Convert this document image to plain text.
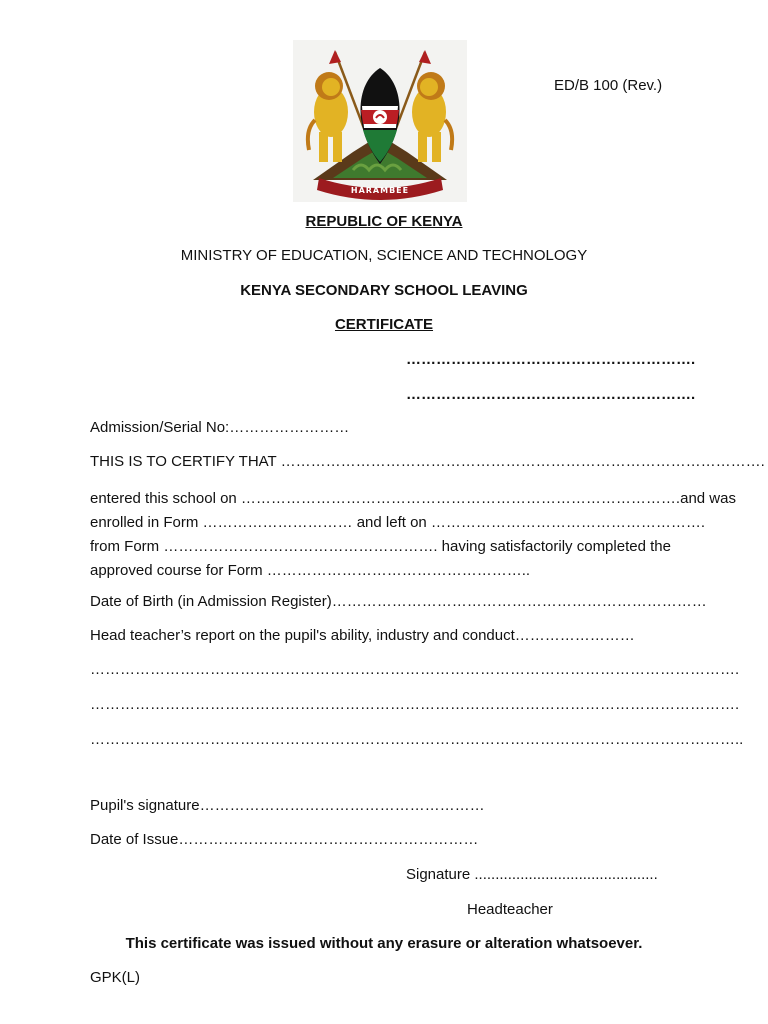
HARAMBEE
ED/B 100 (Rev.)
REPUBLIC OF KENYA
MINISTRY OF EDUCATION, SCIENCE AND TECHNOLOGY
KENYA SECONDARY SCHOOL LEAVING
CERTIFICATE
………………………………………………….
………………………………………………….
Admission/Serial No:……………………
THIS IS TO CERTIFY THAT …………………………………………………………………………………….
entered this school on ……………………………………………………………………………. and was
enrolled in Form ………………………… and left on ……………………………………………….
from Form ………………………………………………. having satisfactorily completed the
approved course for Form ……………………………………………..
Date of Birth (in Admission Register)…………………………………………………………………
Head teacher’s report on the pupil's ability, industry and conduct……………………
………………………………………………………………………………………………………………….
………………………………………………………………………………………………………………….
…………………………………………………………………………………………………………………..
Pupil's signature…………………………………………………
Date of Issue……………………………………………………
Signature ............................................
Headteacher
This certificate was issued without any erasure or alteration whatsoever.
GPK(L)
